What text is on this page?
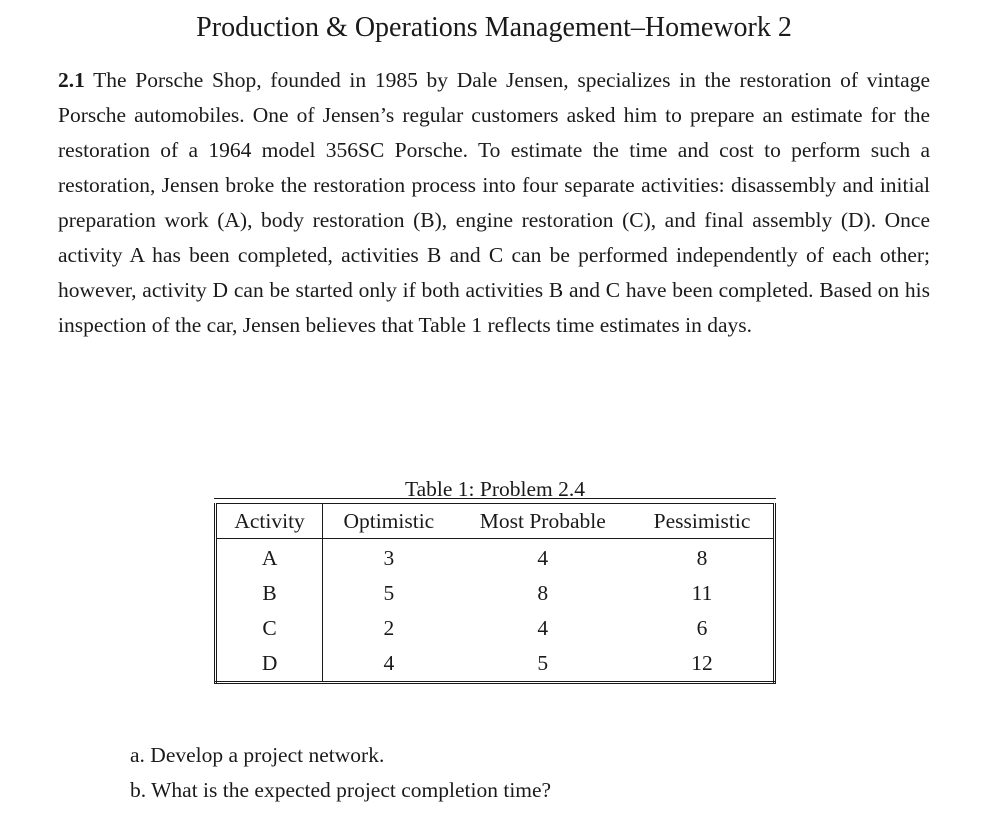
Production & Operations Management–Homework 2
2.1 The Porsche Shop, founded in 1985 by Dale Jensen, specializes in the restoration of vintage Porsche automobiles. One of Jensen’s regular customers asked him to prepare an estimate for the restoration of a 1964 model 356SC Porsche. To estimate the time and cost to perform such a restoration, Jensen broke the restoration process into four separate activities: disassembly and initial preparation work (A), body restoration (B), engine restoration (C), and final assembly (D). Once activity A has been completed, activities B and C can be performed independently of each other; however, activity D can be started only if both activities B and C have been completed. Based on his inspection of the car, Jensen believes that Table 1 reflects time estimates in days.
Table 1: Problem 2.4
Activity	Optimistic	Most Probable	Pessimistic
A	3	4	8
B	5	8	11
C	2	4	6
D	4	5	12
a. Develop a project network.
b. What is the expected project completion time?
